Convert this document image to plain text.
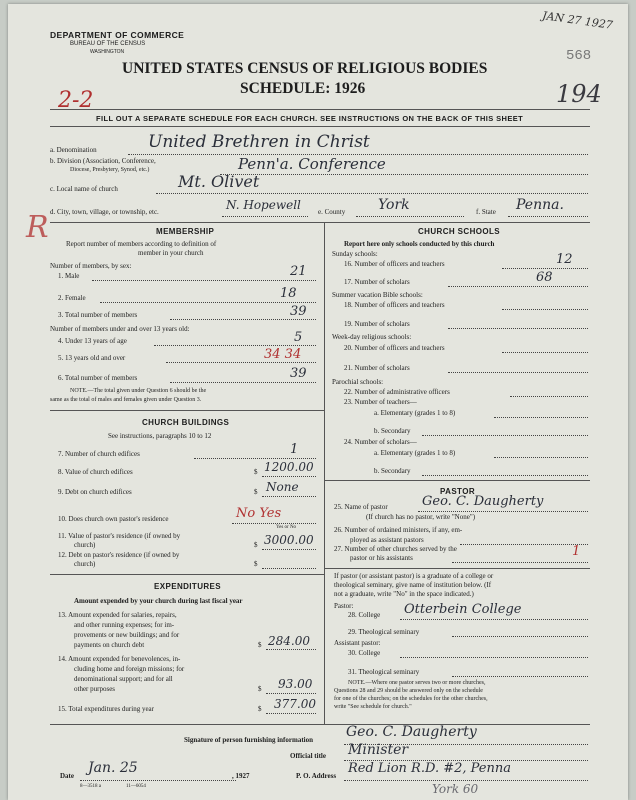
DEPARTMENT OF COMMERCE
BUREAU OF THE CENSUS
WASHINGTON
UNITED STATES CENSUS OF RELIGIOUS BODIES
SCHEDULE: 1926
JAN 27 1927
568
2-2	194
FILL OUT A SEPARATE SCHEDULE FOR EACH CHURCH. SEE INSTRUCTIONS ON THE BACK OF THIS SHEET
a. Denomination	United Brethren in Christ
b. Division (Association, Conference,
Diocese, Presbytery, Synod, etc.)	Penn'a. Conference
c. Local name of church	Mt. Olivet
d. City, town, village, or township, etc.	N. Hopewell e. County York	f. State Penna.
R	MEMBERSHIP
Report number of members according to definition of
member in your church
Number of members, by sex:
1. Male	21
2. Female	18
3. Total number of members	39
Number of members under and over 13 years old:
4. Under 13 years of age	5
5. 13 years old and over	34 34
6. Total number of members	39
NOTE.—The total given under Question 6 should be the
same as the total of males and females given under Question 3.
CHURCH BUILDINGS
See instructions, paragraphs 10 to 12
7. Number of church edifices	1
8. Value of church edifices	$ 1200.00
9. Debt on church edifices	$ None
10. Does church own pastor's residence	No Yes
Yes or No
11. Value of pastor's residence (if owned by
church)	$ 3000.00
12. Debt on pastor's residence (if owned by
church)	$
EXPENDITURES
Amount expended by your church during last fiscal year
13. Amount expended for salaries, repairs,
and other running expenses; for im-
provements or new buildings; and for
payments on church debt	$ 284.00
14. Amount expended for benevolences, in-
cluding home and foreign missions; for
denominational support; and for all
other purposes	$ 93.00
15. Total expenditures during year	$ 377.00
CHURCH SCHOOLS
Report here only schools conducted by this church
Sunday schools:
16. Number of officers and teachers	12
17. Number of scholars	68
Summer vacation Bible schools:
18. Number of officers and teachers
19. Number of scholars
Week-day religious schools:
20. Number of officers and teachers
21. Number of scholars
Parochial schools:
22. Number of administrative officers
23. Number of teachers—
a. Elementary (grades 1 to 8)
b. Secondary
24. Number of scholars—
a. Elementary (grades 1 to 8)
b. Secondary
PASTOR
25. Name of pastor	Geo. C. Daugherty
(If church has no pastor, write "None")
26. Number of ordained ministers, if any, em-
ployed as assistant pastors
27. Number of other churches served by the
pastor or his assistants	1
If pastor (or assistant pastor) is a graduate of a college or
theological seminary, give name of institution below. (If
not a graduate, write "No" in the space indicated.)
Pastor:
28. College Otterbein College
29. Theological seminary
Assistant pastor:
30. College
31. Theological seminary
NOTE.—Where one pastor serves two or more churches,
Questions 28 and 29 should be answered only on the schedule
for one of the churches; on the schedules for the other churches,
write "See schedule for church."
Signature of person furnishing information Geo. C. Daugherty
Official title Minister
Date Jan. 25	, 1927	P. O. Address Red Lion R.D. #2, Penna
8—3518 a	11—6054	York 60
